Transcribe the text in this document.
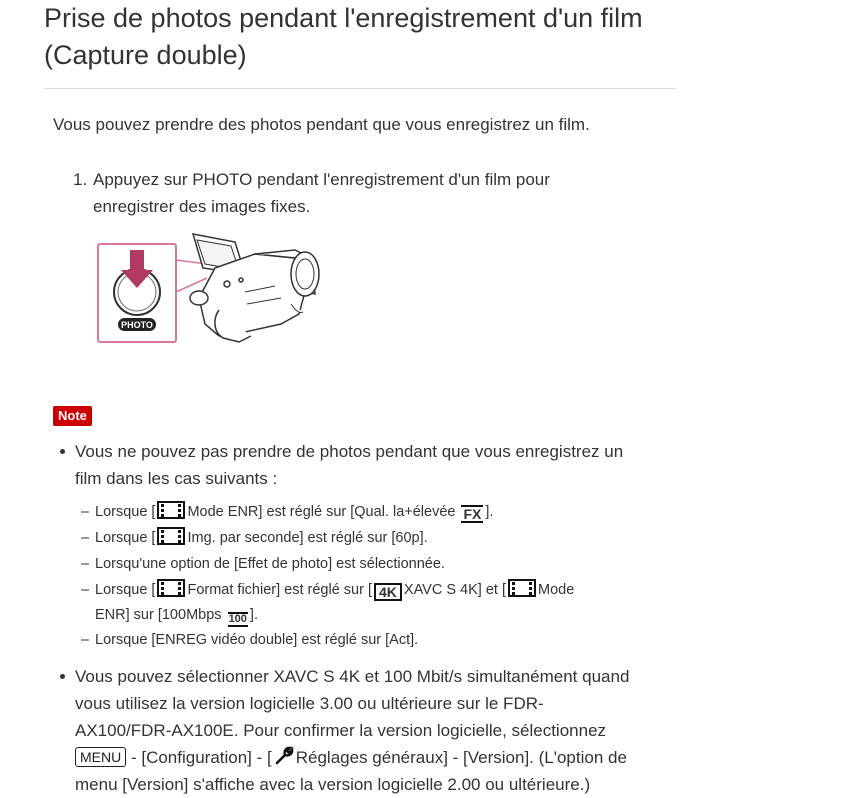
Prise de photos pendant l'enregistrement d'un film
(Capture double)

Vous pouvez prendre des photos pendant que vous enregistrez un film.

1. Appuyez sur PHOTO pendant l'enregistrement d'un film pour
enregistrer des images fixes.
PHOTO
Note
Vous ne pouvez pas prendre de photos pendant que vous enregistrez un
film dans les cas suivants :
– Lorsque [ Mode ENR] est réglé sur [Qual. la+élevée FX ].
– Lorsque [ Img. par seconde] est réglé sur [60p].
– Lorsqu'une option de [Effet de photo] est sélectionnée.
– Lorsque [ Format fichier] est réglé sur [ 4K XAVC S 4K] et [ Mode
ENR] sur [100Mbps 100 ].
– Lorsque [ENREG vidéo double] est réglé sur [Act].
Vous pouvez sélectionner XAVC S 4K et 100 Mbit/s simultanément quand
vous utilisez la version logicielle 3.00 ou ultérieure sur le FDR-
AX100/FDR-AX100E. Pour confirmer la version logicielle, sélectionnez
MENU - [Configuration] - [ Réglages généraux] - [Version]. (L'option de
menu [Version] s'affiche avec la version logicielle 2.00 ou ultérieure.)
